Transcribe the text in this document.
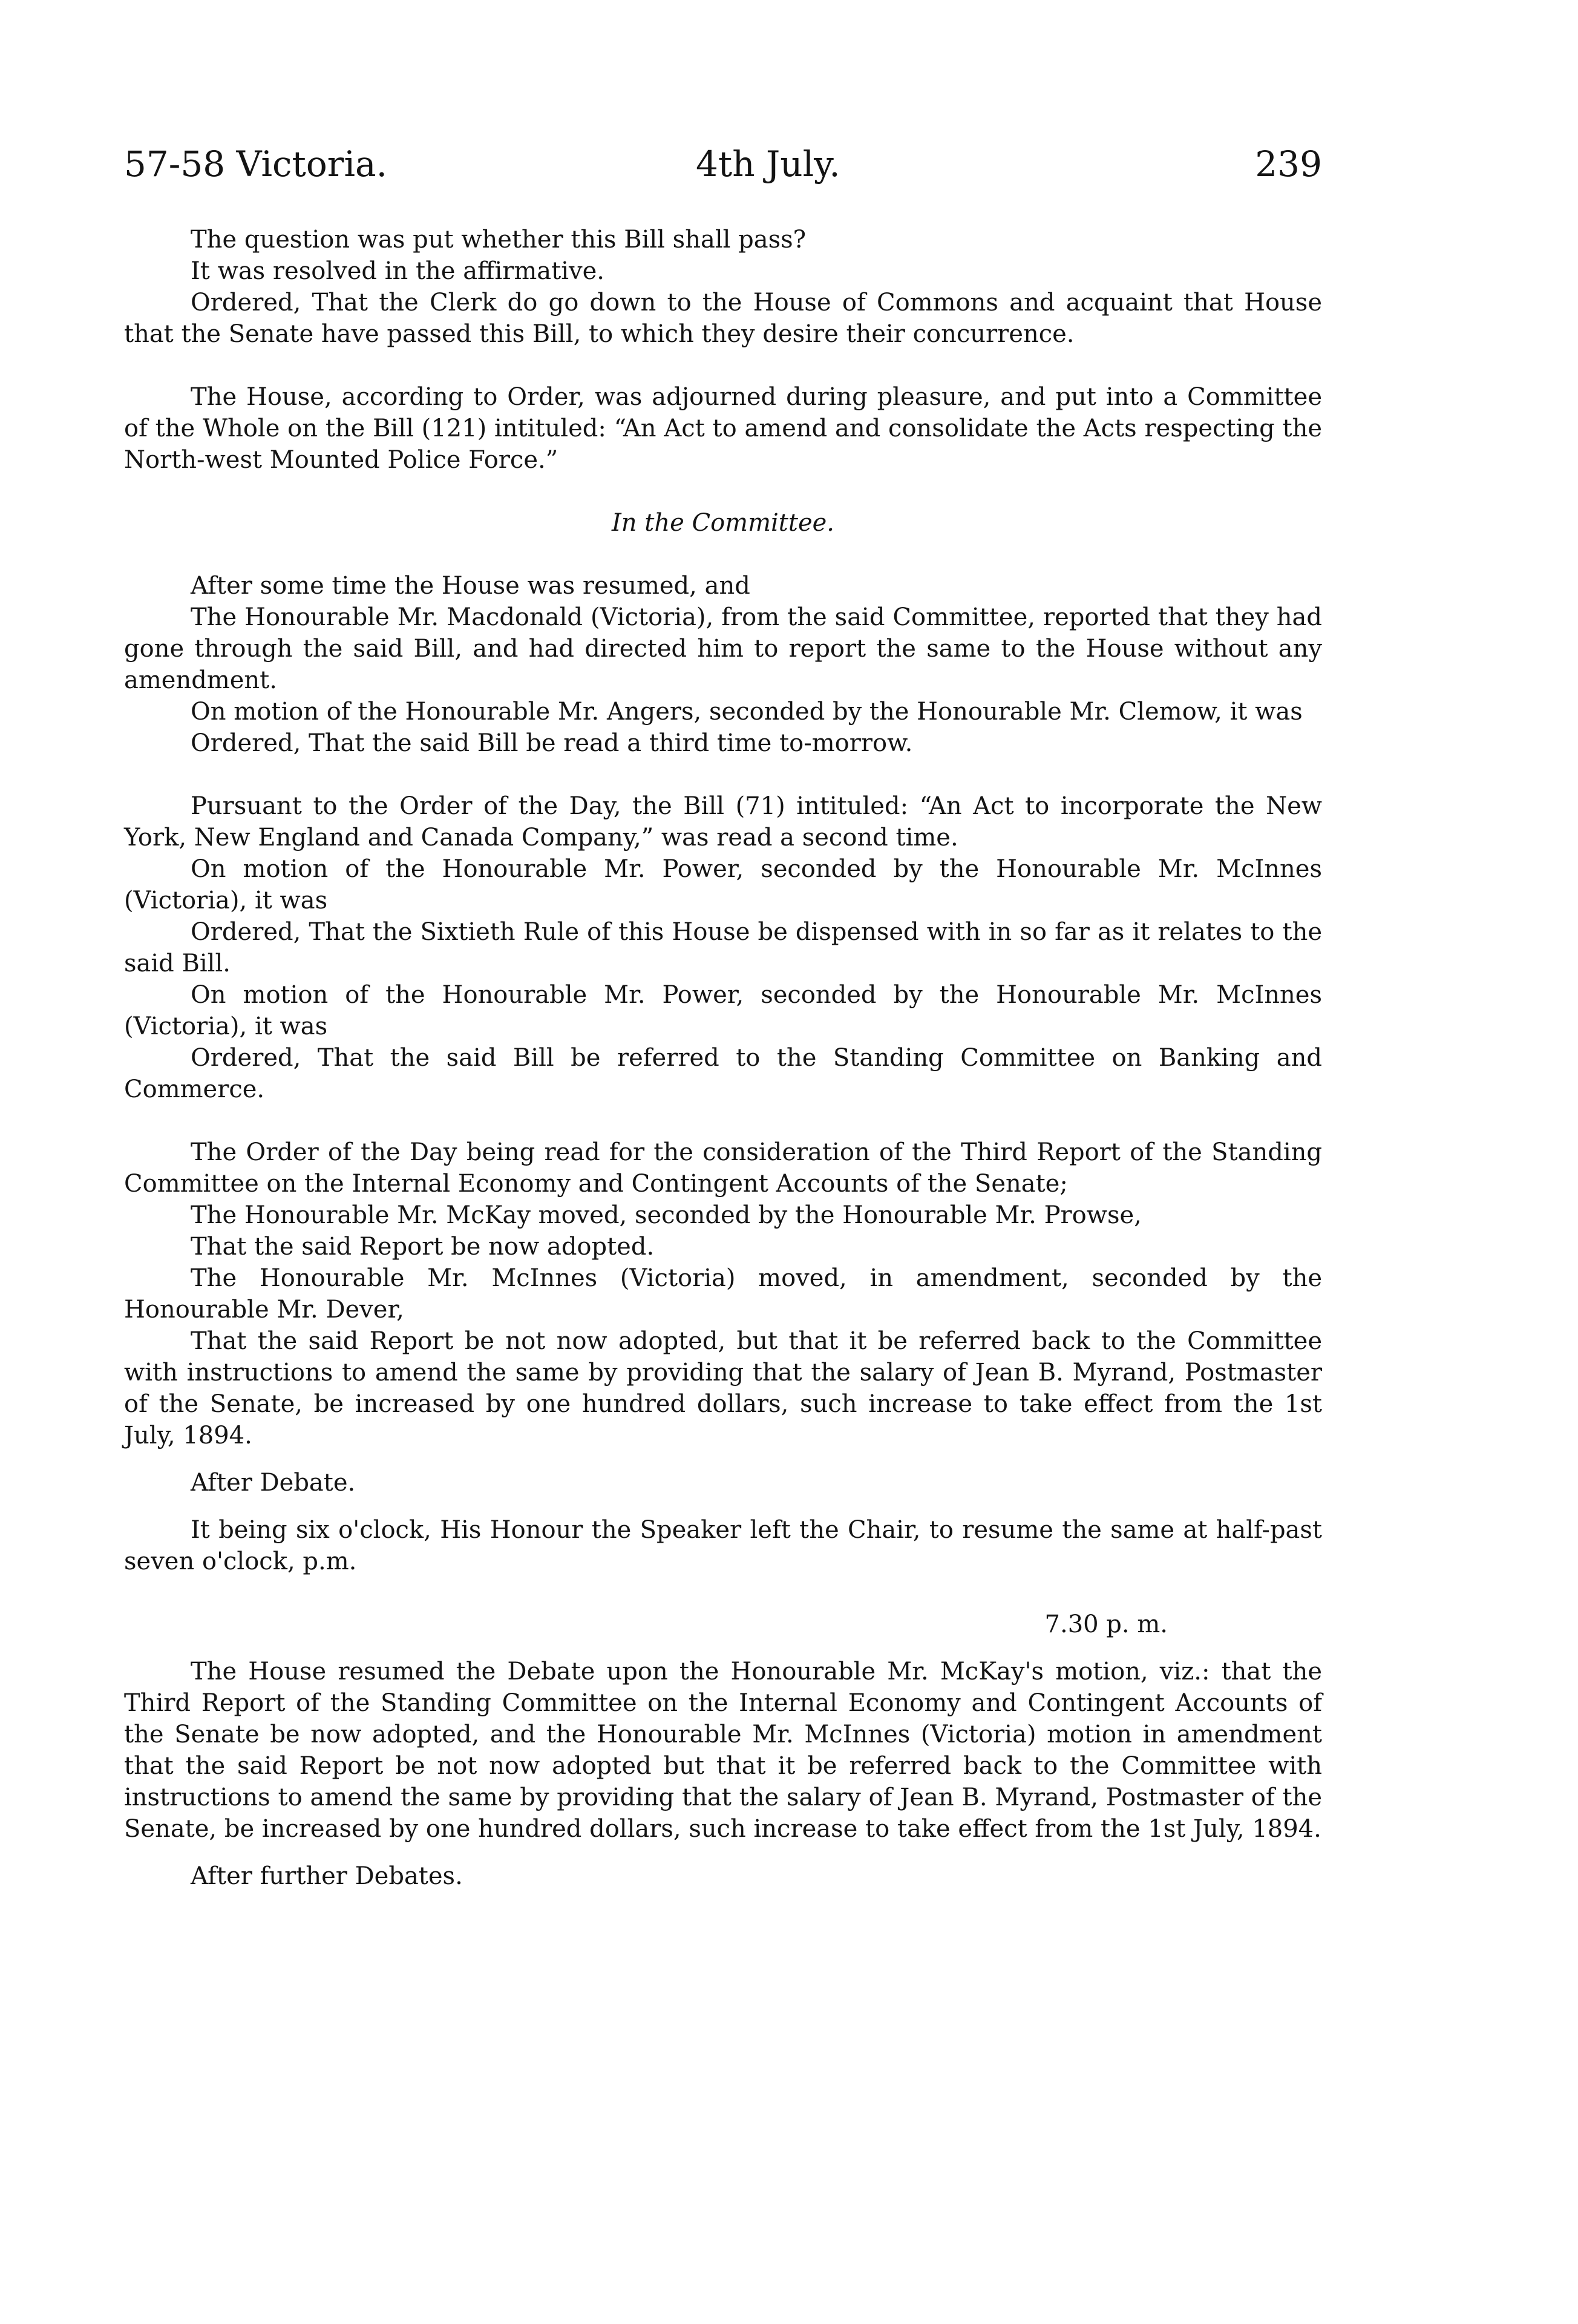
57-58 Victoria.	4th July.	239

The question was put whether this Bill shall pass?

It was resolved in the affirmative.

Ordered, That the Clerk do go down to the House of Commons and acquaint that House that the Senate have passed this Bill, to which they desire their concurrence.

The House, according to Order, was adjourned during pleasure, and put into a Committee of the Whole on the Bill (121) intituled: “An Act to amend and consolidate the Acts respecting the North-west Mounted Police Force.”

In the Committee.

After some time the House was resumed, and

The Honourable Mr. Macdonald (Victoria), from the said Committee, reported that they had gone through the said Bill, and had directed him to report the same to the House without any amendment.

On motion of the Honourable Mr. Angers, seconded by the Honourable Mr. Clemow, it was

Ordered, That the said Bill be read a third time to-morrow.

Pursuant to the Order of the Day, the Bill (71) intituled: “An Act to incorporate the New York, New England and Canada Company,” was read a second time.

On motion of the Honourable Mr. Power, seconded by the Honourable Mr. McInnes (Victoria), it was

Ordered, That the Sixtieth Rule of this House be dispensed with in so far as it relates to the said Bill.

On motion of the Honourable Mr. Power, seconded by the Honourable Mr. McInnes (Victoria), it was

Ordered, That the said Bill be referred to the Standing Committee on Banking and Commerce.

The Order of the Day being read for the consideration of the Third Report of the Standing Committee on the Internal Economy and Contingent Accounts of the Senate;

The Honourable Mr. McKay moved, seconded by the Honourable Mr. Prowse,

That the said Report be now adopted.

The Honourable Mr. McInnes (Victoria) moved, in amendment, seconded by the Honourable Mr. Dever,

That the said Report be not now adopted, but that it be referred back to the Committee with instructions to amend the same by providing that the salary of Jean B. Myrand, Postmaster of the Senate, be increased by one hundred dollars, such increase to take effect from the 1st July, 1894.

After Debate.

It being six o'clock, His Honour the Speaker left the Chair, to resume the same at half-past seven o'clock, p.m.

7.30 p. m.

The House resumed the Debate upon the Honourable Mr. McKay's motion, viz.: that the Third Report of the Standing Committee on the Internal Economy and Contingent Accounts of the Senate be now adopted, and the Honourable Mr. McInnes (Victoria) motion in amendment that the said Report be not now adopted but that it be referred back to the Committee with instructions to amend the same by providing that the salary of Jean B. Myrand, Postmaster of the Senate, be increased by one hundred dollars, such increase to take effect from the 1st July, 1894.

After further Debates.
